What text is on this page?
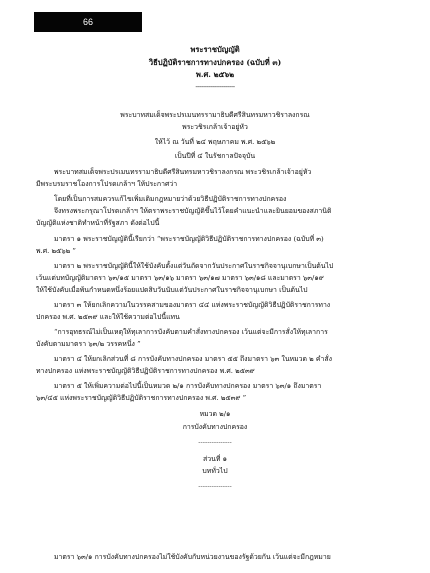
66
พระราชบัญญัติ
วิธีปฏิบัติราชการทางปกครอง (ฉบับที่ ๓)
พ.ศ. ๒๕๖๒
---------------------
พระบาทสมเด็จพระปรเมนทรรามาธิบดีศรีสินทรมหาวชิราลงกรณ
พระวชิรเกล้าเจ้าอยู่หัว
ให้ไว้ ณ วันที่ ๒๔ พฤษภาคม พ.ศ. ๒๕๖๒
เป็นปีที่ ๔ ในรัชกาลปัจจุบัน
พระบาทสมเด็จพระปรเมนทรรามาธิบดีศรีสินทรมหาวชิราลงกรณ พระวชิรเกล้าเจ้าอยู่หัว
มีพระบรมราชโองการโปรดเกล้าฯ ให้ประกาศว่า
โดยที่เป็นการสมควรแก้ไขเพิ่มเติมกฎหมายว่าด้วยวิธีปฏิบัติราชการทางปกครอง
จึงทรงพระกรุณาโปรดเกล้าฯ ให้ตราพระราชบัญญัติขึ้นไว้โดยคำแนะนำและยินยอมของสภานิติ
บัญญัติแห่งชาติทำหน้าที่รัฐสภา ดังต่อไปนี้
มาตรา ๑ พระราชบัญญัตินี้เรียกว่า “พระราชบัญญัติวิธีปฏิบัติราชการทางปกครอง (ฉบับที่ ๓)
พ.ศ. ๒๕๖๒ ”
มาตรา ๒ พระราชบัญญัตินี้ให้ใช้บังคับตั้งแต่วันถัดจากวันประกาศในราชกิจจานุเบกษาเป็นต้นไป
เว้นแต่บทบัญญัติมาตรา ๖๓/๑๕ มาตรา ๖๓/๑๖ มาตรา ๖๓/๑๗ มาตรา ๖๓/๑๘ และมาตรา ๖๓/๑๙
ให้ใช้บังคับเมื่อพ้นกำหนดหนึ่งร้อยแปดสิบวันนับแต่วันประกาศในราชกิจจานุเบกษา เป็นต้นไป
มาตรา ๓ ให้ยกเลิกความในวรรคสามของมาตรา ๔๔ แห่งพระราชบัญญัติวิธีปฏิบัติราชการทาง
ปกครอง พ.ศ. ๒๕๓๙ และให้ใช้ความต่อไปนี้แทน
“การอุทธรณ์ไม่เป็นเหตุให้ทุเลาการบังคับตามคำสั่งทางปกครอง เว้นแต่จะมีการสั่งให้ทุเลาการ
บังคับตามมาตรา ๖๓/๒ วรรคหนึ่ง ”
มาตรา ๔ ให้ยกเลิกส่วนที่ ๘ การบังคับทางปกครอง มาตรา ๕๕ ถึงมาตรา ๖๓ ในหมวด ๒ คำสั่ง
ทางปกครอง แห่งพระราชบัญญัติวิธีปฏิบัติราชการทางปกครอง พ.ศ. ๒๕๓๙
มาตรา ๕ ให้เพิ่มความต่อไปนี้เป็นหมวด ๒/๑ การบังคับทางปกครอง มาตรา ๖๓/๑ ถึงมาตรา
๖๓/๔๕ แห่งพระราชบัญญัติวิธีปฏิบัติราชการทางปกครอง พ.ศ. ๒๕๓๙ ”
หมวด ๒/๑
การบังคับทางปกครอง
---------------
ส่วนที่ ๑
บททั่วไป
---------------
มาตรา ๖๓/๑ การบังคับทางปกครองไม่ใช้บังคับกับหน่วยงานของรัฐด้วยกัน เว้นแต่จะมีกฎหมาย
